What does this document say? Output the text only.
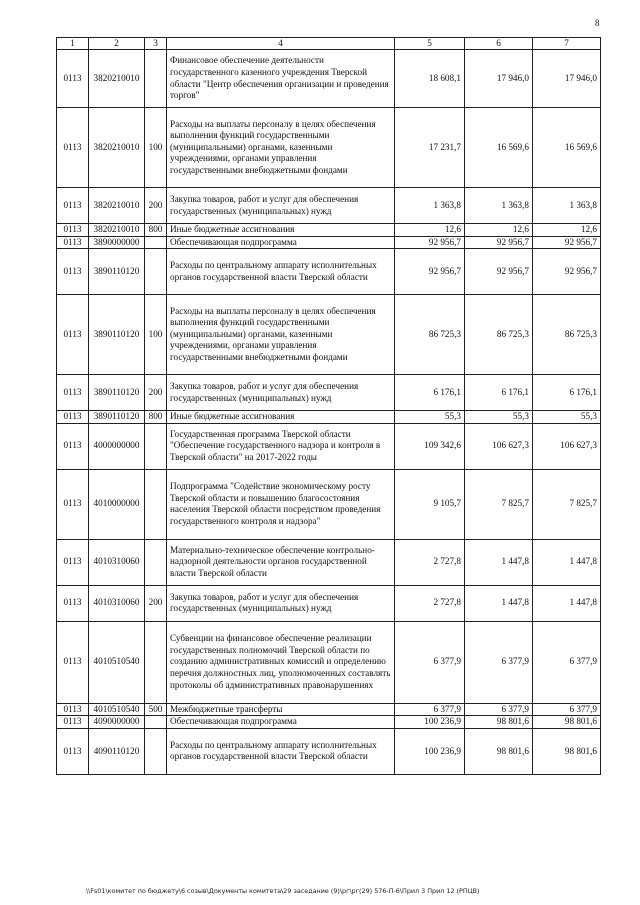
8
1	2	3	4	5	6	7
0113	3820210010		Финансовое обеспечение деятельности государственного казенного учреждения Тверской области "Центр обеспечения организации и проведения торгов"	18 608,1	17 946,0	17 946,0
0113	3820210010	100	Расходы на выплаты персоналу в целях обеспечения выполнения функций государственными (муниципальными) органами, казенными учреждениями, органами управления государственными внебюджетными фондами	17 231,7	16 569,6	16 569,6
0113	3820210010	200	Закупка товаров, работ и услуг для обеспечения государственных (муниципальных) нужд	1 363,8	1 363,8	1 363,8
0113	3820210010	800	Иные бюджетные ассигнования	12,6	12,6	12,6
0113	3890000000		Обеспечивающая подпрограмма	92 956,7	92 956,7	92 956,7
0113	3890110120		Расходы по центральному аппарату исполнительных органов государственной власти Тверской области	92 956,7	92 956,7	92 956,7
0113	3890110120	100	Расходы на выплаты персоналу в целях обеспечения выполнения функций государственными (муниципальными) органами, казенными учреждениями, органами управления государственными внебюджетными фондами	86 725,3	86 725,3	86 725,3
0113	3890110120	200	Закупка товаров, работ и услуг для обеспечения государственных (муниципальных) нужд	6 176,1	6 176,1	6 176,1
0113	3890110120	800	Иные бюджетные ассигнования	55,3	55,3	55,3
0113	4000000000		Государственная программа Тверской области "Обеспечение государственного надзора и контроля в Тверской области" на 2017-2022 годы	109 342,6	106 627,3	106 627,3
0113	4010000000		Подпрограмма "Содействие экономическому росту Тверской области и повышению благосостояния населения Тверской области посредством проведения государственного контроля и надзора"	9 105,7	7 825,7	7 825,7
0113	4010310060		Материально-техническое обеспечение контрольно-надзорной деятельности органов государственной власти Тверской области	2 727,8	1 447,8	1 447,8
0113	4010310060	200	Закупка товаров, работ и услуг для обеспечения государственных (муниципальных) нужд	2 727,8	1 447,8	1 447,8
0113	4010510540		Субвенции на финансовое обеспечение реализации государственных полномочий Тверской области по созданию административных комиссий и определению перечня должностных лиц, уполномоченных составлять протоколы об административных правонарушениях	6 377,9	6 377,9	6 377,9
0113	4010510540	500	Межбюджетные трансферты	6 377,9	6 377,9	6 377,9
0113	4090000000		Обеспечивающая подпрограмма	100 236,9	98 801,6	98 801,6
0113	4090110120		Расходы по центральному аппарату исполнительных органов государственной власти Тверской области	100 236,9	98 801,6	98 801,6
\\Fs01\комитет по бюджету\6 созыв\Документы комитета\29 заседание (9)\рг\рг(29) 576-П-6\Прил 3 Прил 12 (РПЦВ)
